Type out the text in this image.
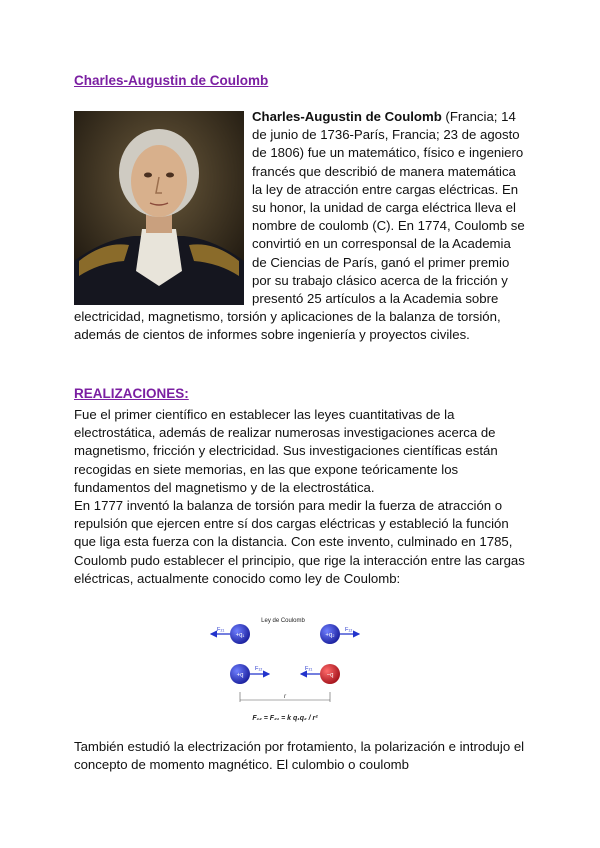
Charles-Augustin de Coulomb
Charles-Augustin de Coulomb (Francia; 14 de junio de 1736-París, Francia; 23 de agosto de 1806) fue un matemático, físico e ingeniero francés que describió de manera matemática la ley de atracción entre cargas eléctricas. En su honor, la unidad de carga eléctrica lleva el nombre de coulomb (C). En 1774, Coulomb se convirtió en un corresponsal de la Academia de Ciencias de París, ganó el primer premio por su trabajo clásico acerca de la fricción y presentó 25 artículos a la Academia sobre electricidad, magnetismo, torsión y aplicaciones de la balanza de torsión, además de cientos de informes sobre ingeniería y proyectos civiles.
REALIZACIONES:

Fue el primer científico en establecer las leyes cuantitativas de la electrostática, además de realizar numerosas investigaciones acerca de magnetismo, fricción y electricidad. Sus investigaciones científicas están recogidas en siete memorias, en las que expone teóricamente los fundamentos del magnetismo y de la electrostática.

En 1777 inventó la balanza de torsión para medir la fuerza de atracción o repulsión que ejercen entre sí dos cargas eléctricas y estableció la función que liga esta fuerza con la distancia. Con este invento, culminado en 1785, Coulomb pudo establecer el principio, que rige la interacción entre las cargas eléctricas, actualmente conocido como ley de Coulomb:

Ley de Coulomb
F₂₁
+q₁	+q₂
F₁₂
+q
F₁₂	F₂₁
−q
r
F₁₂ = F₂₁ = k q₁q₂ / r²

También estudió la electrización por frotamiento, la polarización e introdujo el concepto de momento magnético. El culombio o coulomb
